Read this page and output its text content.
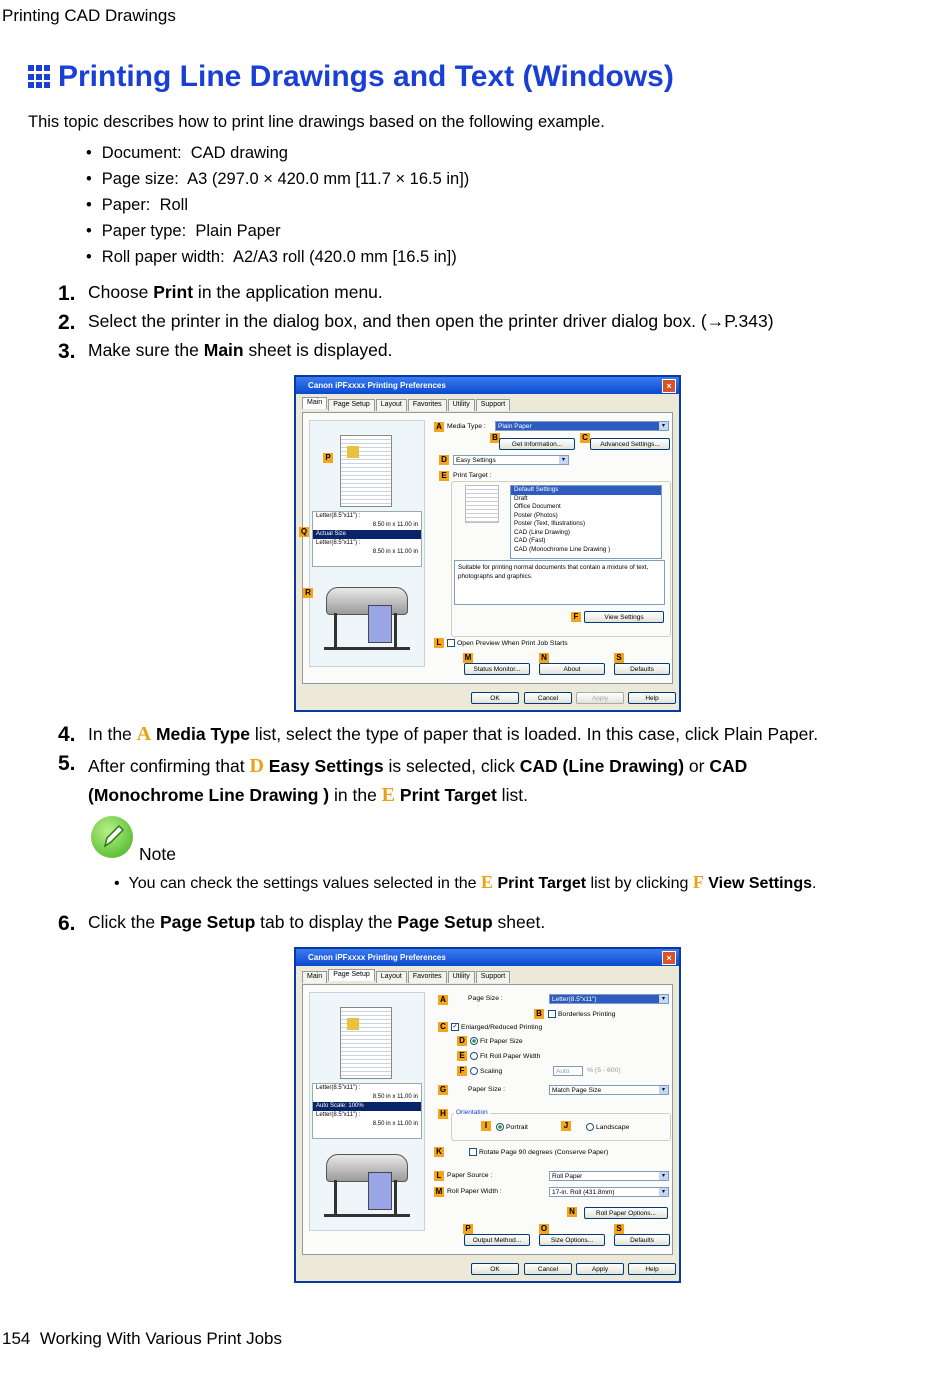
Printing CAD Drawings
Printing Line Drawings and Text (Windows)
This topic describes how to print line drawings based on the following example.
• Document: CAD drawing
• Page size: A3 (297.0 × 420.0 mm [11.7 × 16.5 in])
• Paper: Roll
• Paper type: Plain Paper
• Roll paper width: A2/A3 roll (420.0 mm [16.5 in])
1. Choose Print in the application menu.
2. Select the printer in the dialog box, and then open the printer driver dialog box. (→P.343)
3. Make sure the Main sheet is displayed.
Canon iPFxxxx Printing Preferences	×
Main	Page Setup	Layout	Favorites	Utility	Support
Letter(8.5"x11") :
8.50 in x 11.00 in
Actual Size
Letter(8.5"x11") :
8.50 in x 11.00 in
P
Q
R
A Media Type :	Plain Paper	▾
B
Get Information...
C
Advanced Settings...
D	Easy Settings	▾
E Print Target :
Default Settings
Draft
Office Document
Poster (Photos)
Poster (Text, Illustrations)
CAD (Line Drawing)
CAD (Fast)
CAD (Monochrome Line Drawing )
Suitable for printing normal documents that contain a mixture of text, photographs and graphics.
F	View Settings
L	Open Preview When Print Job Starts
M	N	S
Status Monitor...	About	Defaults
OK	Cancel	Apply	Help
4. In the A Media Type list, select the type of paper that is loaded. In this case, click Plain Paper.
5. After confirming that D Easy Settings is selected, click CAD (Line Drawing) or CAD
(Monochrome Line Drawing ) in the E Print Target list.
Note
•  You can check the settings values selected in the E Print Target list by clicking F View Settings.
6. Click the Page Setup tab to display the Page Setup sheet.
Canon iPFxxxx Printing Preferences	×
Main	Page Setup	Layout	Favorites	Utility	Support
Letter(8.5"x11") :
8.50 in x 11.00 in
Auto Scale: 100%
Letter(8.5"x11") :
8.50 in x 11.00 in
A	Page Size :	Letter(8.5"x11")	▾
B	Borderless Printing
C	✓ Enlarged/Reduced Printing
D	Fit Paper Size
E	Fit Roll Paper Width
F	Scaling	Auto	% (5 - 600)
G	Paper Size :	Match Page Size	▾
H	Orientation
I	Portrait	J	Landscape
K	Rotate Page 90 degrees (Conserve Paper)
L Paper Source :	Roll Paper	▾
M Roll Paper Width :	17-in. Roll (431.8mm)	▾
N	Roll Paper Options...
P	O	S
Output Method...	Size Options...	Defaults
OK	Cancel	Apply	Help
154 Working With Various Print Jobs
